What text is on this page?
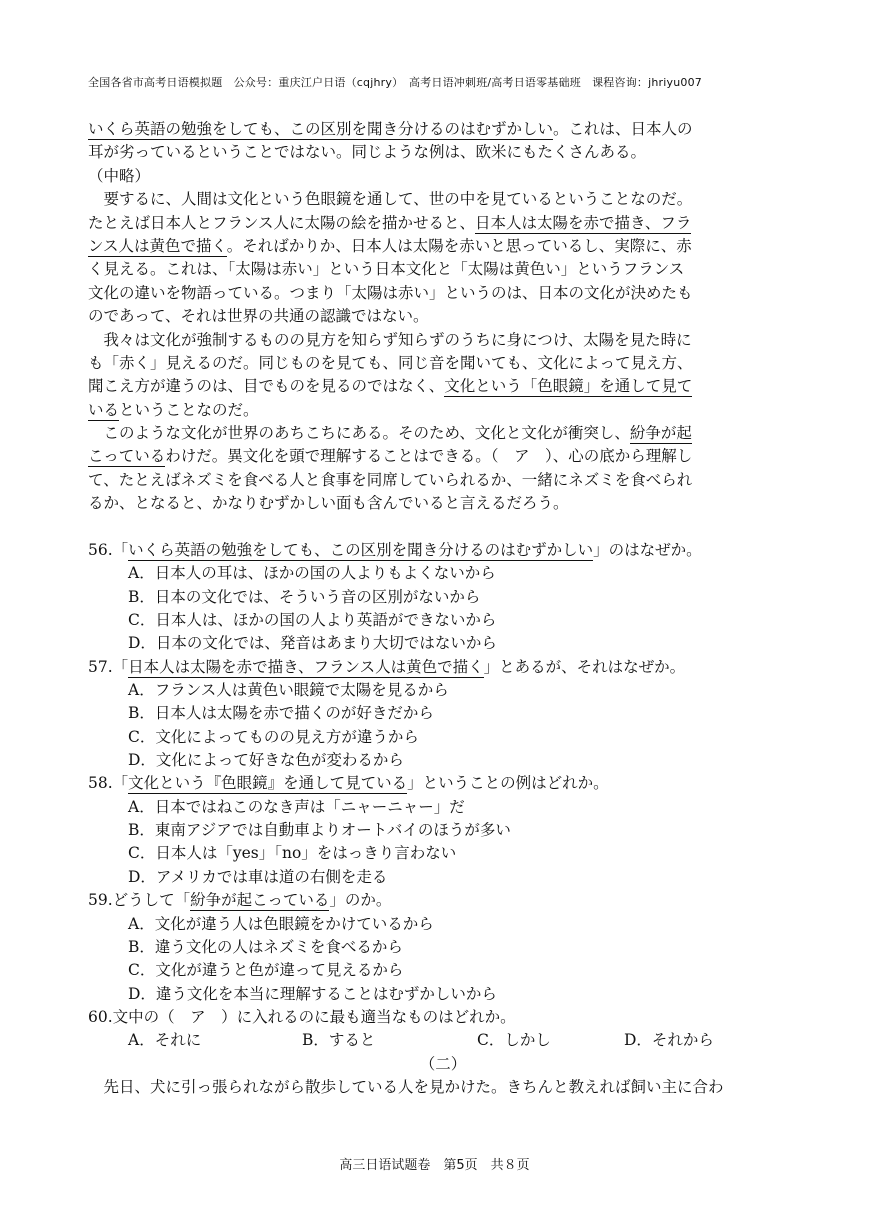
全国各省市高考日语模拟题　公众号：重庆江户日语（cqjhry）　高考日语冲刺班/高考日语零基础班　课程咨询：jhriyu007
いくら英語の勉強をしても、この区別を聞き分けるのはむずかしい。これは、日本人の
耳が劣っているということではない。同じような例は、欧米にもたくさんある。
（中略）
　要するに、人間は文化という色眼鏡を通して、世の中を見ているということなのだ。
たとえば日本人とフランス人に太陽の絵を描かせると、日本人は太陽を赤で描き、フラ
ンス人は黄色で描く。そればかりか、日本人は太陽を赤いと思っているし、実際に、赤
く見える。これは、「太陽は赤い」という日本文化と「太陽は黄色い」というフランス
文化の違いを物語っている。つまり「太陽は赤い」というのは、日本の文化が決めたも
のであって、それは世界の共通の認識ではない。
　我々は文化が強制するものの見方を知らず知らずのうちに身につけ、太陽を見た時に
も「赤く」見えるのだ。同じものを見ても、同じ音を聞いても、文化によって見え方、
聞こえ方が違うのは、目でものを見るのではなく、文化という「色眼鏡」を通して見て
いるということなのだ。
　このような文化が世界のあちこちにある。そのため、文化と文化が衝突し、紛争が起
こっているわけだ。異文化を頭で理解することはできる。（　ア　）、心の底から理解し
て、たとえばネズミを食べる人と食事を同席していられるか、一緒にネズミを食べられ
るか、となると、かなりむずかしい面も含んでいると言えるだろう。
56.「いくら英語の勉強をしても、この区別を聞き分けるのはむずかしい」のはなぜか。
A．日本人の耳は、ほかの国の人よりもよくないから
B．日本の文化では、そういう音の区別がないから
C．日本人は、ほかの国の人より英語ができないから
D．日本の文化では、発音はあまり大切ではないから
57.「日本人は太陽を赤で描き、フランス人は黄色で描く」とあるが、それはなぜか。
A．フランス人は黄色い眼鏡で太陽を見るから
B．日本人は太陽を赤で描くのが好きだから
C．文化によってものの見え方が違うから
D．文化によって好きな色が変わるから
58.「文化という『色眼鏡』を通して見ている」ということの例はどれか。
A．日本ではねこのなき声は「ニャーニャー」だ
B．東南アジアでは自動車よりオートバイのほうが多い
C．日本人は「yes」「no」をはっきり言わない
D．アメリカでは車は道の右側を走る
59.どうして「紛争が起こっている」のか。
A．文化が違う人は色眼鏡をかけているから
B．違う文化の人はネズミを食べるから
C．文化が違うと色が違って見えるから
D．違う文化を本当に理解することはむずかしいから
60.文中の（　ア　）に入れるのに最も適当なものはどれか。
A．それに	B．すると	C．しかし	D．それから
（二）
　先日、犬に引っ張られながら散歩している人を見かけた。きちんと教えれば飼い主に合わ
高三日语试题卷　第5页　共８页
